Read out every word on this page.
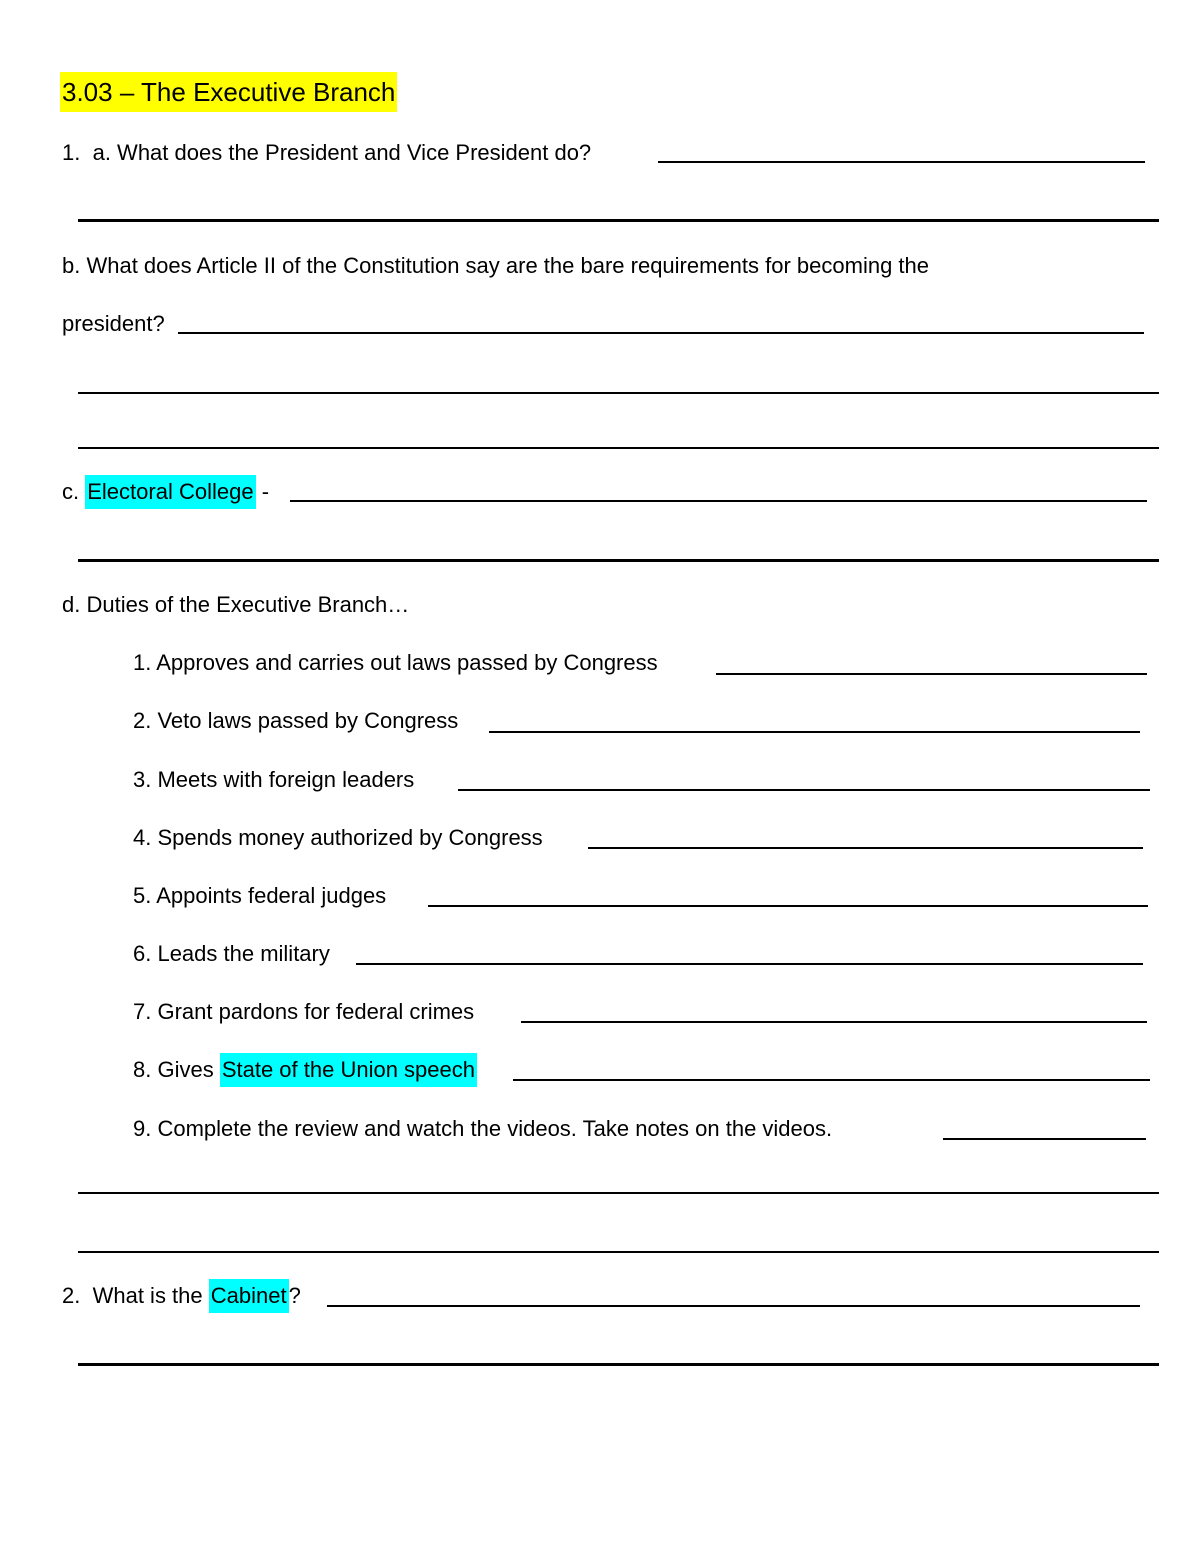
3.03 – The Executive Branch
1. a. What does the President and Vice President do?
b. What does Article II of the Constitution say are the bare requirements for becoming the
president?
c. Electoral College -
d. Duties of the Executive Branch…
1. Approves and carries out laws passed by Congress
2. Veto laws passed by Congress
3. Meets with foreign leaders
4. Spends money authorized by Congress
5. Appoints federal judges
6. Leads the military
7. Grant pardons for federal crimes
8. Gives State of the Union speech
9. Complete the review and watch the videos. Take notes on the videos.
2. What is the Cabinet?
